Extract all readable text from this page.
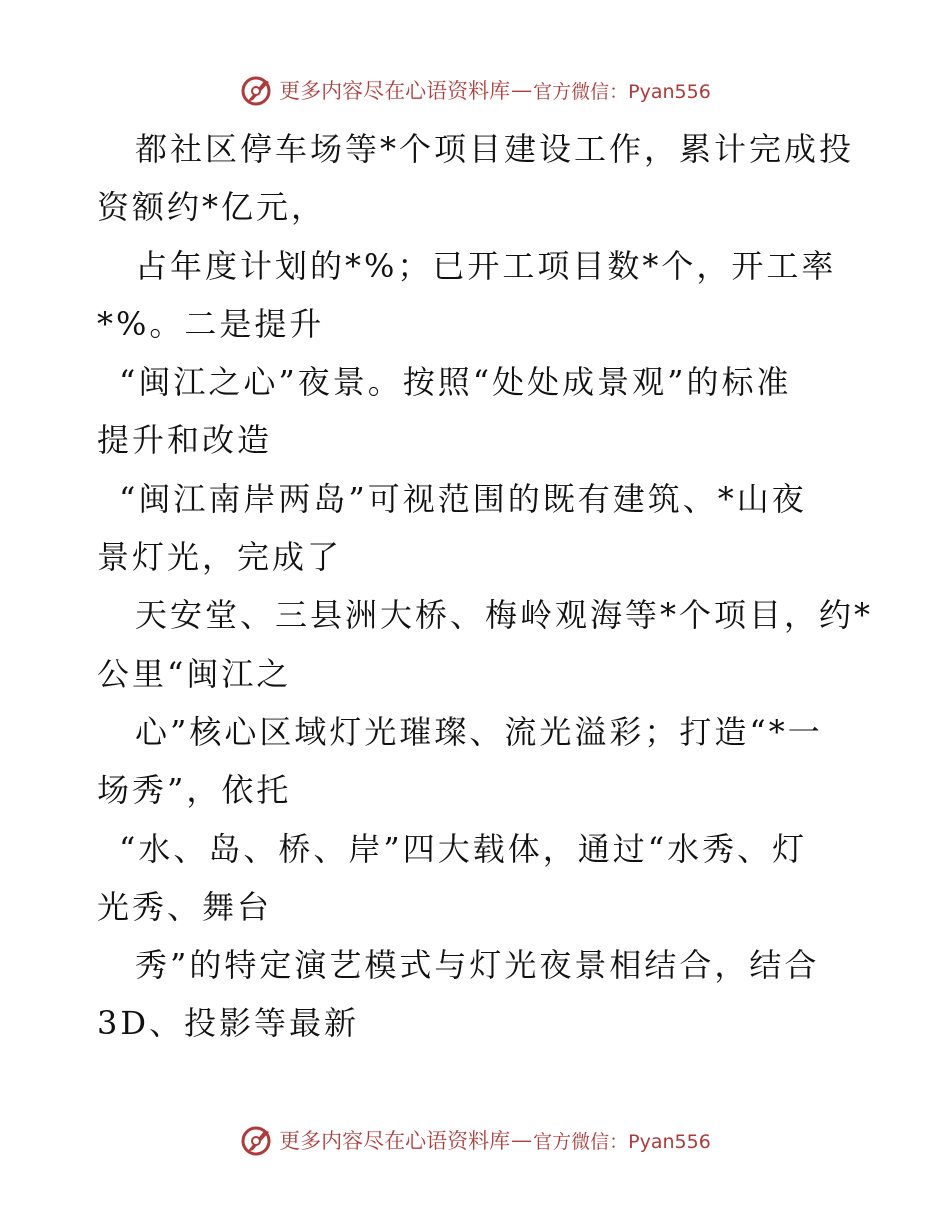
更多内容尽在心语资料库 — 官方微信：Pyan556
都社区停车场等*个项目建设工作，累计完成投
资额约*亿元，
占年度计划的*%；已开工项目数*个，开工率
*%。二是提升
“闽江之心”夜景。按照“处处成景观”的标准
提升和改造
“闽江南岸两岛”可视范围的既有建筑、*山夜
景灯光，完成了
天安堂、三县洲大桥、梅岭观海等*个项目，约*
公里“闽江之
心”核心区域灯光璀璨、流光溢彩；打造“*一
场秀”，依托
“水、岛、桥、岸”四大载体，通过“水秀、灯
光秀、舞台
秀”的特定演艺模式与灯光夜景相结合，结合
3D、投影等最新
更多内容尽在心语资料库 — 官方微信：Pyan556
